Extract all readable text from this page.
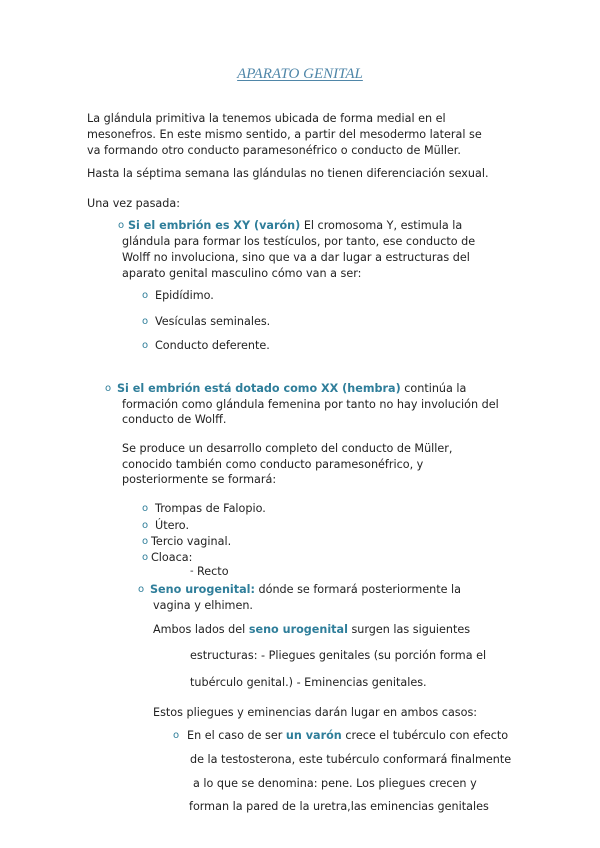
APARATO GENITAL
La glándula primitiva la tenemos ubicada de forma medial en el
mesonefros. En este mismo sentido, a partir del mesodermo lateral se
va formando otro conducto paramesonéfrico o conducto de Müller.
Hasta la séptima semana las glándulas no tienen diferenciación sexual.
Una vez pasada:
o Si el embrión es XY (varón) El cromosoma Y, estimula la
glándula para formar los testículos, por tanto, ese conducto de
Wolff no involuciona, sino que va a dar lugar a estructuras del
aparato genital masculino cómo van a ser:
o Epidídimo.
o Vesículas seminales.
o Conducto deferente.
o Si el embrión está dotado como XX (hembra) continúa la
formación como glándula femenina por tanto no hay involución del
conducto de Wolff.
Se produce un desarrollo completo del conducto de Müller,
conocido también como conducto paramesonéfrico, y
posteriormente se formará:
o Trompas de Falopio.
o Útero.
o Tercio vaginal.
o Cloaca:
- Recto
o Seno urogenital: dónde se formará posteriormente la
vagina y elhimen.
Ambos lados del seno urogenital surgen las siguientes
estructuras: - Pliegues genitales (su porción forma el
tubérculo genital.) - Eminencias genitales.
Estos pliegues y eminencias darán lugar en ambos casos:
o En el caso de ser un varón crece el tubérculo con efecto
de la testosterona, este tubérculo conformará finalmente
a lo que se denomina: pene. Los pliegues crecen y
forman la pared de la uretra,las eminencias genitales
